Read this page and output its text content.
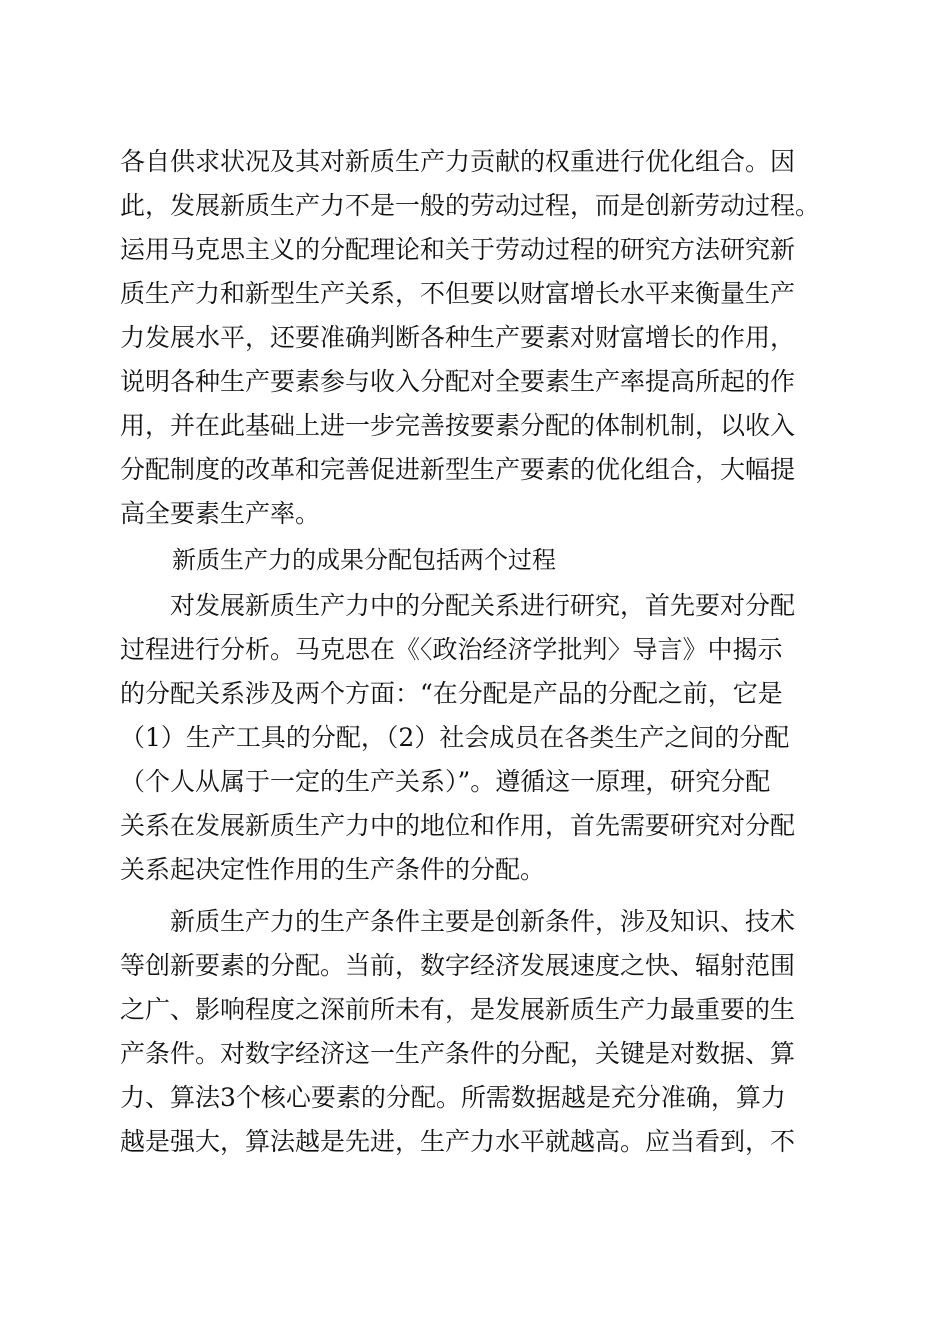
各自供求状况及其对新质生产力贡献的权重进行优化组合。因
此，发展新质生产力不是一般的劳动过程，而是创新劳动过程。
运用马克思主义的分配理论和关于劳动过程的研究方法研究新
质生产力和新型生产关系，不但要以财富增长水平来衡量生产
力发展水平，还要准确判断各种生产要素对财富增长的作用，
说明各种生产要素参与收入分配对全要素生产率提高所起的作
用，并在此基础上进一步完善按要素分配的体制机制，以收入
分配制度的改革和完善促进新型生产要素的优化组合，大幅提
高全要素生产率。
新质生产力的成果分配包括两个过程
对发展新质生产力中的分配关系进行研究，首先要对分配
过程进行分析。马克思在《〈政治经济学批判〉导言》中揭示
的分配关系涉及两个方面：“在分配是产品的分配之前，它是
（1）生产工具的分配，（2）社会成员在各类生产之间的分配
（个人从属于一定的生产关系）”。遵循这一原理，研究分配
关系在发展新质生产力中的地位和作用，首先需要研究对分配
关系起决定性作用的生产条件的分配。
新质生产力的生产条件主要是创新条件，涉及知识、技术
等创新要素的分配。当前，数字经济发展速度之快、辐射范围
之广、影响程度之深前所未有，是发展新质生产力最重要的生
产条件。对数字经济这一生产条件的分配，关键是对数据、算
力、算法3个核心要素的分配。所需数据越是充分准确，算力
越是强大，算法越是先进，生产力水平就越高。应当看到，不
